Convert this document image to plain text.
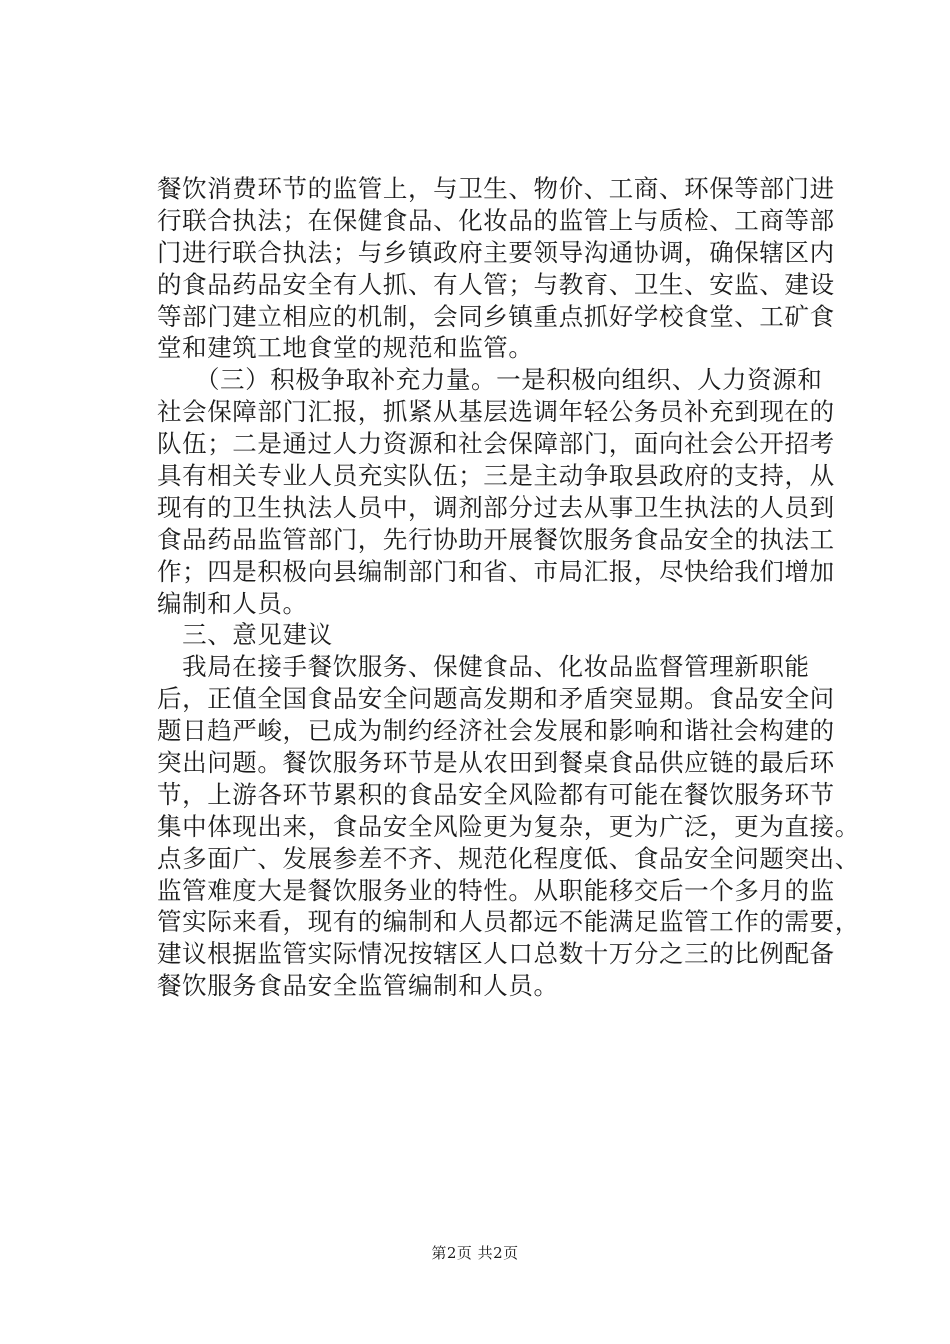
餐饮消费环节的监管上，与卫生、物价、工商、环保等部门进
行联合执法；在保健食品、化妆品的监管上与质检、工商等部
门进行联合执法；与乡镇政府主要领导沟通协调，确保辖区内
的食品药品安全有人抓、有人管；与教育、卫生、安监、建设
等部门建立相应的机制，会同乡镇重点抓好学校食堂、工矿食
堂和建筑工地食堂的规范和监管。
　　（三）积极争取补充力量。一是积极向组织、人力资源和
社会保障部门汇报，抓紧从基层选调年轻公务员补充到现在的
队伍；二是通过人力资源和社会保障部门，面向社会公开招考
具有相关专业人员充实队伍；三是主动争取县政府的支持，从
现有的卫生执法人员中，调剂部分过去从事卫生执法的人员到
食品药品监管部门，先行协助开展餐饮服务食品安全的执法工
作；四是积极向县编制部门和省、市局汇报，尽快给我们增加
编制和人员。
　三、意见建议
　我局在接手餐饮服务、保健食品、化妆品监督管理新职能
后，正值全国食品安全问题高发期和矛盾突显期。食品安全问
题日趋严峻，已成为制约经济社会发展和影响和谐社会构建的
突出问题。餐饮服务环节是从农田到餐桌食品供应链的最后环
节，上游各环节累积的食品安全风险都有可能在餐饮服务环节
集中体现出来，食品安全风险更为复杂，更为广泛，更为直接。
点多面广、发展参差不齐、规范化程度低、食品安全问题突出、
监管难度大是餐饮服务业的特性。从职能移交后一个多月的监
管实际来看，现有的编制和人员都远不能满足监管工作的需要，
建议根据监管实际情况按辖区人口总数十万分之三的比例配备
餐饮服务食品安全监管编制和人员。
第2页 共2页
